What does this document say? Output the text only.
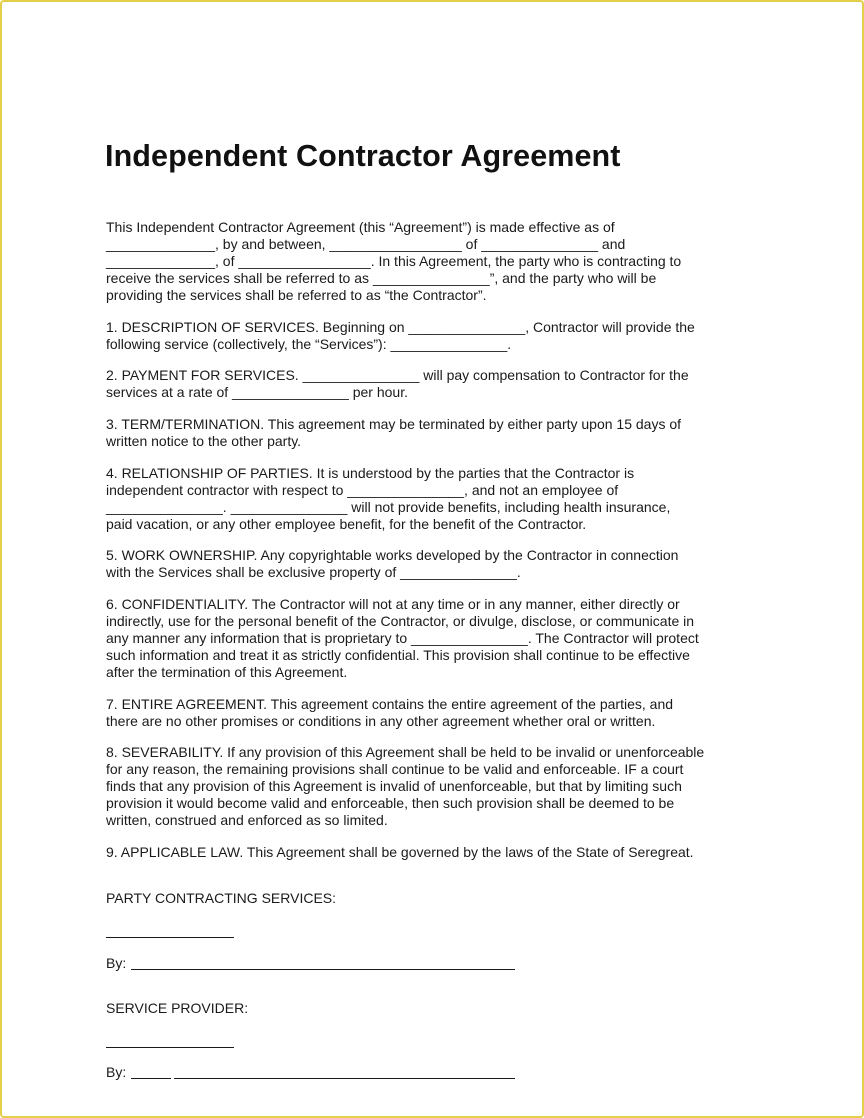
Independent Contractor Agreement
This Independent Contractor Agreement (this “Agreement”) is made effective as of
______________, by and between, _________________ of _______________ and
______________, of _________________. In this Agreement, the party who is contracting to
receive the services shall be referred to as _______________”, and the party who will be
providing the services shall be referred to as “the Contractor”.
1. DESCRIPTION OF SERVICES. Beginning on _______________, Contractor will provide the
following service (collectively, the “Services”): _______________.
2. PAYMENT FOR SERVICES. _______________ will pay compensation to Contractor for the
services at a rate of _______________ per hour.
3. TERM/TERMINATION. This agreement may be terminated by either party upon 15 days of
written notice to the other party.
4. RELATIONSHIP OF PARTIES. It is understood by the parties that the Contractor is
independent contractor with respect to _______________, and not an employee of
_______________. _______________ will not provide benefits, including health insurance,
paid vacation, or any other employee benefit, for the benefit of the Contractor.
5. WORK OWNERSHIP. Any copyrightable works developed by the Contractor in connection
with the Services shall be exclusive property of _______________.
6. CONFIDENTIALITY. The Contractor will not at any time or in any manner, either directly or
indirectly, use for the personal benefit of the Contractor, or divulge, disclose, or communicate in
any manner any information that is proprietary to _______________. The Contractor will protect
such information and treat it as strictly confidential. This provision shall continue to be effective
after the termination of this Agreement.
7. ENTIRE AGREEMENT. This agreement contains the entire agreement of the parties, and
there are no other promises or conditions in any other agreement whether oral or written.
8. SEVERABILITY. If any provision of this Agreement shall be held to be invalid or unenforceable
for any reason, the remaining provisions shall continue to be valid and enforceable. IF a court
finds that any provision of this Agreement is invalid of unenforceable, but that by limiting such
provision it would become valid and enforceable, then such provision shall be deemed to be
written, construed and enforced as so limited.
9. APPLICABLE LAW. This Agreement shall be governed by the laws of the State of Seregreat.
PARTY CONTRACTING SERVICES:
By:
SERVICE PROVIDER:
By:
